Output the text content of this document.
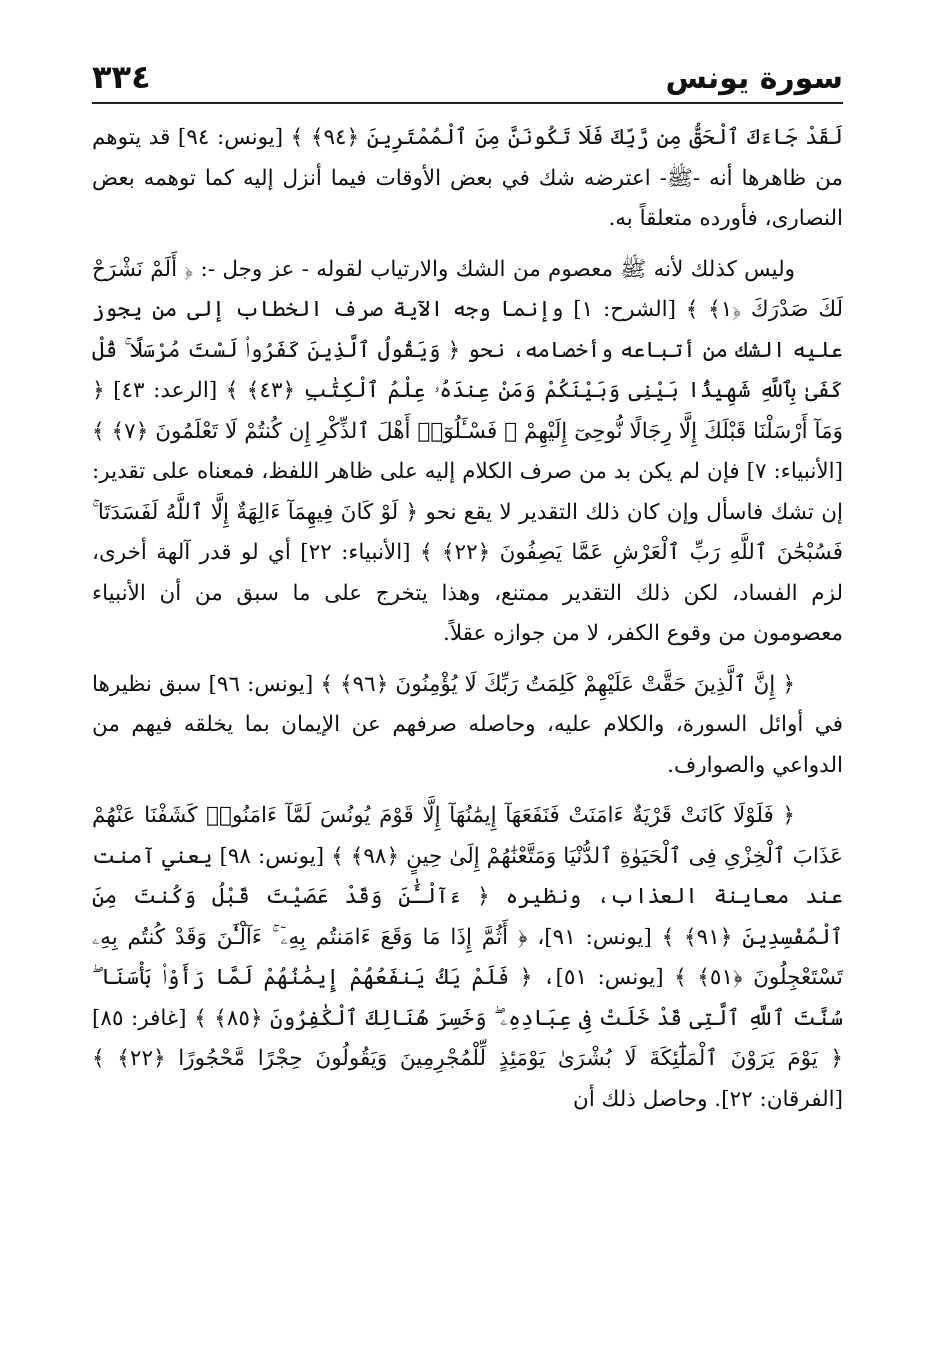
سورة يونس
٣٣٤

لَقَدْ جَاءَكَ ٱلْحَقُّ مِن رَّبِّكَ فَلَا تَكُونَنَّ مِنَ ٱلْمُمْتَرِينَ ﴿٩٤﴾ ﴾ [يونس: ٩٤] قد يتوهم من ظاهرها أنه -ﷺ- اعترضه شك في بعض الأوقات فيما أنزل إليه كما توهمه بعض النصارى، فأورده متعلقاً به.

وليس كذلك لأنه ﷺ معصوم من الشك والارتياب لقوله - عز وجل -: ﴿ أَلَمْ نَشْرَحْ لَكَ صَدْرَكَ ﴿١﴾ ﴾ [الشرح: ١] وإنما وجه الآية صرف الخطاب إلى من يجوز عليه الشك من أتباعه وأخصامه، نحو ﴿ وَيَقُولُ ٱلَّذِينَ كَفَرُوا۟ لَسْتَ مُرْسَلًا ۚ قُلْ كَفَىٰ بِٱللَّهِ شَهِيدًۢا بَيْنِى وَبَيْنَكُمْ وَمَنْ عِندَهُۥ عِلْمُ ٱلْكِتَٰبِ ﴿٤٣﴾ ﴾ [الرعد: ٤٣] ﴿ وَمَآ أَرْسَلْنَا قَبْلَكَ إِلَّا رِجَالًا نُّوحِىٓ إِلَيْهِمْ ۚ فَسْـَٔلُوٓا۟ أَهْلَ ٱلذِّكْرِ إِن كُنتُمْ لَا تَعْلَمُونَ ﴿٧﴾ ﴾ [الأنبياء: ٧] فإن لم يكن بد من صرف الكلام إليه على ظاهر اللفظ، فمعناه على تقدير: إن تشك فاسأل وإن كان ذلك التقدير لا يقع نحو ﴿ لَوْ كَانَ فِيهِمَآ ءَالِهَةٌ إِلَّا ٱللَّهُ لَفَسَدَتَا ۚ فَسُبْحَٰنَ ٱللَّهِ رَبِّ ٱلْعَرْشِ عَمَّا يَصِفُونَ ﴿٢٢﴾ ﴾ [الأنبياء: ٢٢] أي لو قدر آلهة أخرى، لزم الفساد، لكن ذلك التقدير ممتنع، وهذا يتخرج على ما سبق من أن الأنبياء معصومون من وقوع الكفر، لا من جوازه عقلاً.

﴿ إِنَّ ٱلَّذِينَ حَقَّتْ عَلَيْهِمْ كَلِمَتُ رَبِّكَ لَا يُؤْمِنُونَ ﴿٩٦﴾ ﴾ [يونس: ٩٦] سبق نظيرها في أوائل السورة، والكلام عليه، وحاصله صرفهم عن الإيمان بما يخلقه فيهم من الدواعي والصوارف.

﴿ فَلَوْلَا كَانَتْ قَرْيَةٌ ءَامَنَتْ فَنَفَعَهَآ إِيمَٰنُهَآ إِلَّا قَوْمَ يُونُسَ لَمَّآ ءَامَنُوا۟ كَشَفْنَا عَنْهُمْ عَذَابَ ٱلْخِزْىِ فِى ٱلْحَيَوٰةِ ٱلدُّنْيَا وَمَتَّعْنَٰهُمْ إِلَىٰ حِينٍ ﴿٩٨﴾ ﴾ [يونس: ٩٨] يعني آمنت عند معاينة العذاب، ونظيره ﴿ ءَآلْـَٰٔنَ وَقَدْ عَصَيْتَ قَبْلُ وَكُنتَ مِنَ ٱلْمُفْسِدِينَ ﴿٩١﴾ ﴾ [يونس: ٩١]، ﴿ أَثُمَّ إِذَا مَا وَقَعَ ءَامَنتُم بِهِۦٓ ۚ ءَآلْـَٰٔنَ وَقَدْ كُنتُم بِهِۦ تَسْتَعْجِلُونَ ﴿٥١﴾ ﴾ [يونس: ٥١]، ﴿ فَلَمْ يَكُ يَنفَعُهُمْ إِيمَٰنُهُمْ لَمَّا رَأَوْا۟ بَأْسَنَا ۖ سُنَّتَ ٱللَّهِ ٱلَّتِى قَدْ خَلَتْ فِى عِبَادِهِۦ ۖ وَخَسِرَ هُنَالِكَ ٱلْكَٰفِرُونَ ﴿٨٥﴾ ﴾ [غافر: ٨٥] ﴿ يَوْمَ يَرَوْنَ ٱلْمَلَٰٓئِكَةَ لَا بُشْرَىٰ يَوْمَئِذٍ لِّلْمُجْرِمِينَ وَيَقُولُونَ حِجْرًا مَّحْجُورًا ﴿٢٢﴾ ﴾ [الفرقان: ٢٢]. وحاصل ذلك أن
